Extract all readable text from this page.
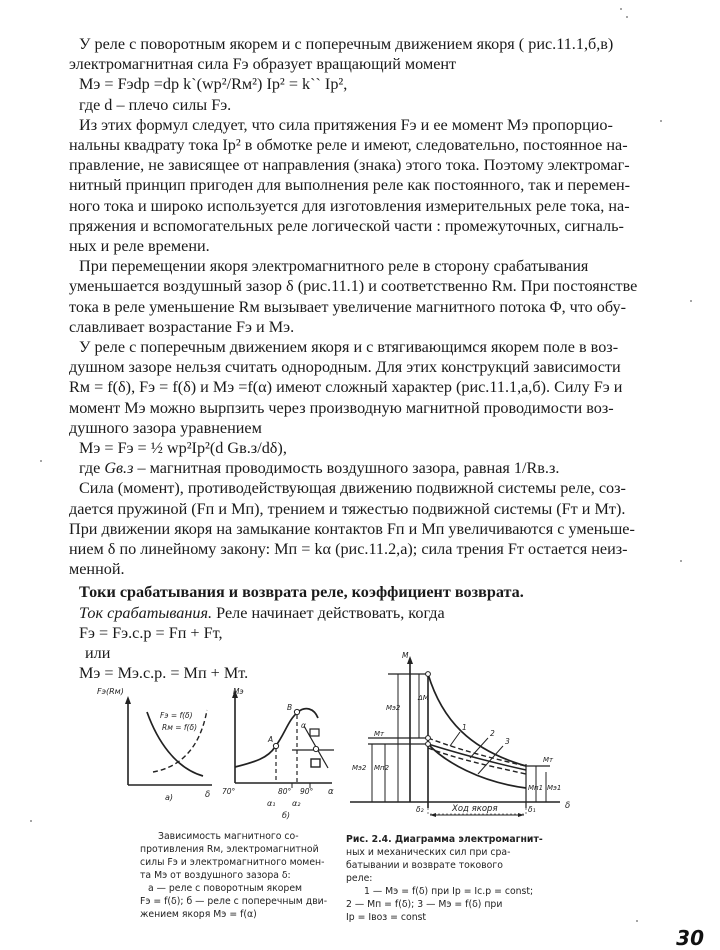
У реле с поворотным якорем и с поперечным движением якоря ( рис.11.1,б,в)
электромагнитная сила Fэ образует вращающий момент

Mэ = Fэdp =dp k`(wp²/Rм²) Ip² = k`` Ip²,

где d – плечо силы Fэ.

Из этих формул следует, что сила притяжения Fэ и ее момент Mэ пропорцио-
нальны квадрату тока Ip² в обмотке реле и имеют, следовательно, постоянное на-
правление, не зависящее от направления (знака) этого тока. Поэтому электромаг-
нитный принцип пригоден для выполнения реле как постоянного, так и перемен-
ного тока и широко используется для изготовления измерительных реле тока, на-
пряжения и вспомогательных реле логической части : промежуточных, сигналь-
ных и реле времени.

При перемещении якоря электромагнитного реле в сторону срабатывания
уменьшается воздушный зазор δ (рис.11.1) и соответственно Rм. При постоянстве
тока в реле уменьшение Rм вызывает увеличение магнитного потока Φ, что обу-
славливает возрастание Fэ и Mэ.

У реле с поперечным движением якоря и с втягивающимся якорем поле в воз-
душном зазоре нельзя считать однородным. Для этих конструкций зависимости
Rм = f(δ), Fэ = f(δ) и Mэ =f(α) имеют сложный характер (рис.11.1,а,б). Силу Fэ и
момент Mэ можно вырпзить через производную магнитной проводимости воз-
душного зазора уравнением

Mэ = Fэ = ½ wp²Ip²(d Gв.з/dδ),

где Gв.з – магнитная проводимость воздушного зазора, равная 1/Rв.з.

Сила (момент), противодействующая движению подвижной системы реле, соз-
дается пружиной (Fп и Mп), трением и тяжестью подвижной системы (Fт и Mт).
При движении якоря на замыкание контактов Fп и Mп увеличиваются с уменьше-
нием δ по линейному закону: Mп = kα (рис.11.2,а); сила трения Fт остается неиз-
менной.

Токи срабатывания и возврата реле, коэффициент возврата.

Ток срабатывания. Реле начинает действовать, когда

Fэ = Fэ.с.р = Fп + Fт,

или

Mэ = Mэ.с.р. = Mп + Mт.

Fэ(Rм)
Fэ = f(δ)
Rм = f(δ)
δ
а)
A
B
α
Mэ
70°	80° 90° α
α₁ α₂
б)
Зависимость магнитного со-
противления Rм, электромагнитной
силы Fэ и электромагнитного момен-
та Mэ от воздушного зазора δ:
а — реле с поворотным якорем
Fэ = f(δ); б — реле с поперечным дви-
жением якоря Mэ = f(α)
M
δ
Mэ2
ΔM
Mт
Mэ2 Mп2
Mт
Mп1 Mэ1
δ₂	δ₁
Ход якоря
1
2
3
Рис. 2.4. Диаграмма электромагнит-
ных и механических сил при сра-
батывании и возврате токового
реле:
1 — Mэ = f(δ) при Ip = Iс.р = const;
2 — Mп = f(δ); 3 — Mэ = f(δ) при
Ip = Iвоз = const
30
